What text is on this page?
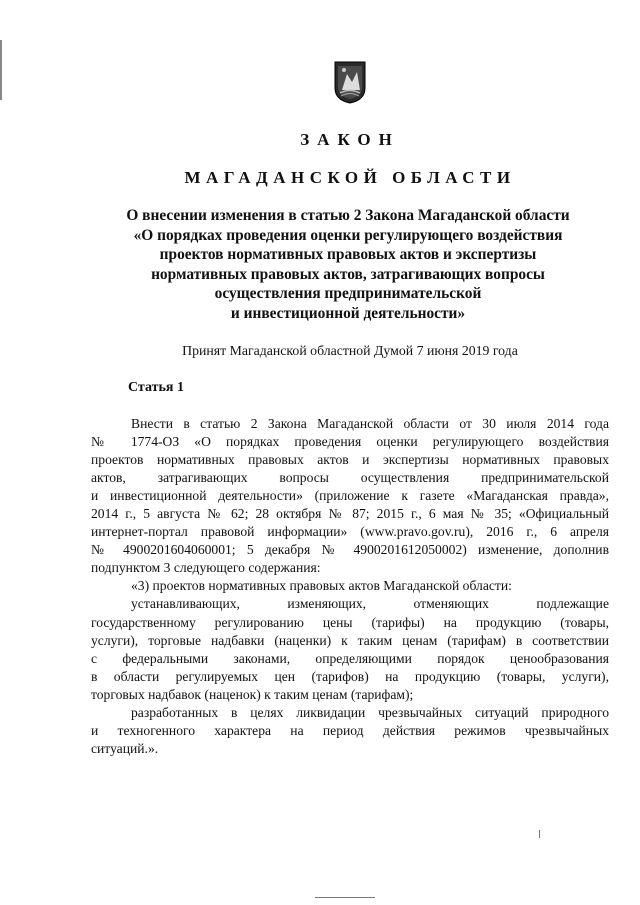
ЗАКОН
МАГАДАНСКОЙ ОБЛАСТИ
О внесении изменения в статью 2 Закона Магаданской области
«О порядках проведения оценки регулирующего воздействия
проектов нормативных правовых актов и экспертизы
нормативных правовых актов, затрагивающих вопросы
осуществления предпринимательской
и инвестиционной деятельности»
Принят Магаданской областной Думой 7 июня 2019 года
Статья 1
Внести в статью 2 Закона Магаданской области от 30 июля 2014 года
№ 1774-ОЗ «О порядках проведения оценки регулирующего воздействия
проектов нормативных правовых актов и экспертизы нормативных правовых
актов, затрагивающих вопросы осуществления предпринимательской
и инвестиционной деятельности» (приложение к газете «Магаданская правда»,
2014 г., 5 августа № 62; 28 октября № 87; 2015 г., 6 мая № 35; «Официальный
интернет-портал правовой информации» (www.pravo.gov.ru), 2016 г., 6 апреля
№ 4900201604060001; 5 декабря № 4900201612050002) изменение, дополнив
подпунктом 3 следующего содержания:
«3) проектов нормативных правовых актов Магаданской области:
устанавливающих, изменяющих, отменяющих подлежащие
государственному регулированию цены (тарифы) на продукцию (товары,
услуги), торговые надбавки (наценки) к таким ценам (тарифам) в соответствии
с федеральными законами, определяющими порядок ценообразования
в области регулируемых цен (тарифов) на продукцию (товары, услуги),
торговых надбавок (наценок) к таким ценам (тарифам);
разработанных в целях ликвидации чрезвычайных ситуаций природного
и техногенного характера на период действия режимов чрезвычайных
ситуаций.».
